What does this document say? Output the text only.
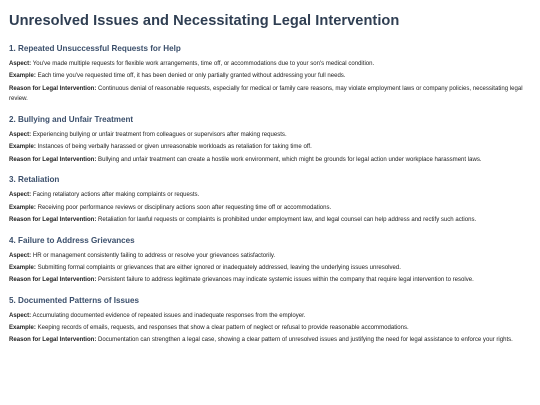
Unresolved Issues and Necessitating Legal Intervention
1. Repeated Unsuccessful Requests for Help

Aspect: You've made multiple requests for flexible work arrangements, time off, or accommodations due to your son's medical condition.

Example: Each time you've requested time off, it has been denied or only partially granted without addressing your full needs.

Reason for Legal Intervention: Continuous denial of reasonable requests, especially for medical or family care reasons, may violate employment laws or company policies, necessitating legal review.

2. Bullying and Unfair Treatment

Aspect: Experiencing bullying or unfair treatment from colleagues or supervisors after making requests.

Example: Instances of being verbally harassed or given unreasonable workloads as retaliation for taking time off.

Reason for Legal Intervention: Bullying and unfair treatment can create a hostile work environment, which might be grounds for legal action under workplace harassment laws.

3. Retaliation

Aspect: Facing retaliatory actions after making complaints or requests.

Example: Receiving poor performance reviews or disciplinary actions soon after requesting time off or accommodations.

Reason for Legal Intervention: Retaliation for lawful requests or complaints is prohibited under employment law, and legal counsel can help address and rectify such actions.

4. Failure to Address Grievances

Aspect: HR or management consistently failing to address or resolve your grievances satisfactorily.

Example: Submitting formal complaints or grievances that are either ignored or inadequately addressed, leaving the underlying issues unresolved.

Reason for Legal Intervention: Persistent failure to address legitimate grievances may indicate systemic issues within the company that require legal intervention to resolve.

5. Documented Patterns of Issues

Aspect: Accumulating documented evidence of repeated issues and inadequate responses from the employer.

Example: Keeping records of emails, requests, and responses that show a clear pattern of neglect or refusal to provide reasonable accommodations.

Reason for Legal Intervention: Documentation can strengthen a legal case, showing a clear pattern of unresolved issues and justifying the need for legal assistance to enforce your rights.
